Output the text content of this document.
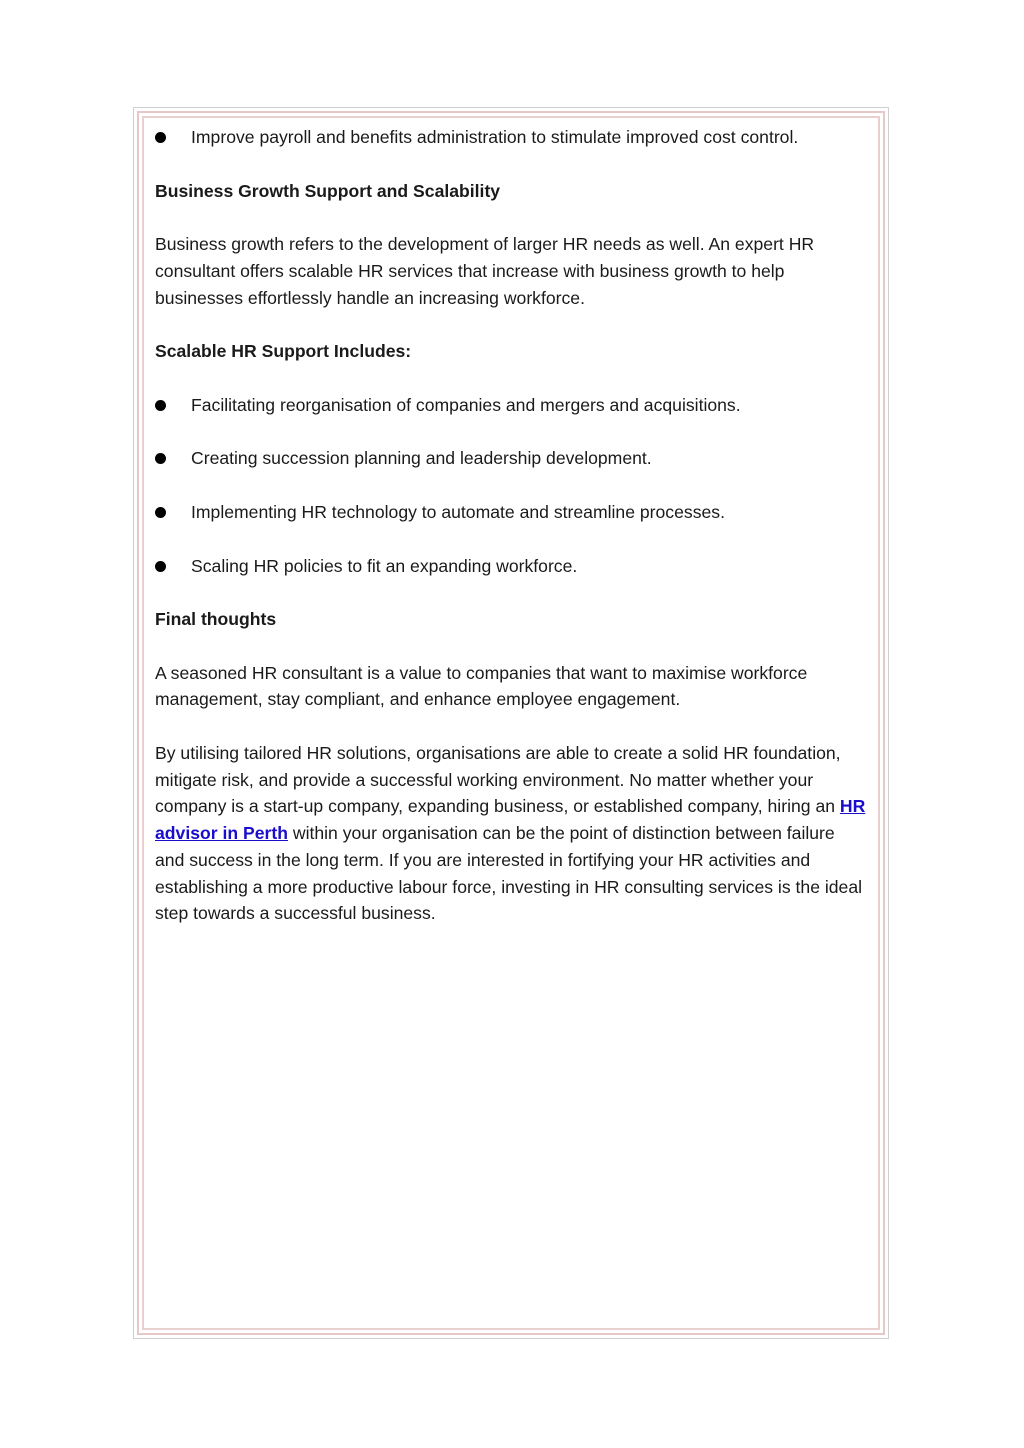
Improve payroll and benefits administration to stimulate improved cost control.
Business Growth Support and Scalability
Business growth refers to the development of larger HR needs as well. An expert HR consultant offers scalable HR services that increase with business growth to help businesses effortlessly handle an increasing workforce.
Scalable HR Support Includes:
Facilitating reorganisation of companies and mergers and acquisitions.
Creating succession planning and leadership development.
Implementing HR technology to automate and streamline processes.
Scaling HR policies to fit an expanding workforce.
Final thoughts
A seasoned HR consultant is a value to companies that want to maximise workforce management, stay compliant, and enhance employee engagement.
By utilising tailored HR solutions, organisations are able to create a solid HR foundation, mitigate risk, and provide a successful working environment. No matter whether your company is a start-up company, expanding business, or established company, hiring an HR advisor in Perth within your organisation can be the point of distinction between failure and success in the long term. If you are interested in fortifying your HR activities and establishing a more productive labour force, investing in HR consulting services is the ideal step towards a successful business.
